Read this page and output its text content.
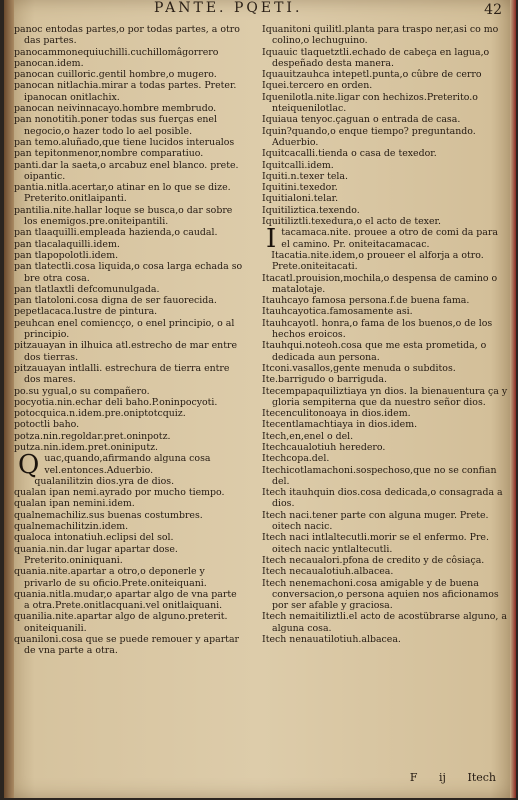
PANTE. PQETI.	42
panoc entodas partes,o por todas partes, a otro das partes.
panocammonequiuchilli.cuchillomâgorrero
panocan.idem.
panocan cuilloric.gentil hombre,o mugero.
panocan nitlachia.mirar a todas partes. Preter. ipanocan onitlachix.
panocan neivinnacayo.hombre membrudo.
pan nonotitih.poner todas sus fuerças enel negocio,o hazer todo lo ael posible.
pan temo.aluñado,que tiene lucidos interualos
pan tepitonmenor,nombre comparatiuo.
panti.dar la saeta,o arcabuz enel blanco. prete. oipantic.
pantia.nitla.acertar,o atinar en lo que se dize. Preterito.onitlaipanti.
pantilia.nite.hallar loque se busca,o dar sobre los enemigos.pre.oniteipantili.
pan tlaaquilli.empleada hazienda,o caudal.
pan tlacalaquilli.idem.
pan tlapopolotli.idem.
pan tlatectli.cosa liquida,o cosa larga echada so bre otra cosa.
pan tlatlaxtli defcomunulgada.
pan tlatoloni.cosa digna de ser fauorecida.
pepetlacaca.lustre de pintura.
peuhcan enel comiencço, o enel principio, o al principio.
pitzauayan in ilhuica atl.estrecho de mar entre dos tierras.
pitzauayan intlalli. estrechura de tierra entre dos mares.
po.su ygual,o su compañero.
pocyotia.nin.echar deli baho.P.oninpocyoti.
potocquica.n.idem.pre.oniptotcquiz.
potoctli baho.
potza.nin.regoldar.pret.oninpotz.
putza.nin.idem.pret.oniniputz.
Quac,quando,afirmando alguna cosa vel.entonces.Aduerbio.
qualanilitzin dios.yra de dios.
qualan ipan nemi.ayrado por mucho tiempo.
qualan ipan nemini.idem.
qualnemachiliz.sus buenas costumbres.
qualnemachilitzin.idem.
qualoca intonatiuh.eclipsi del sol.
quania.nin.dar lugar apartar dose. Preterito.oniniquani.
quania.nite.apartar a otro,o deponerle y privarlo de su oficio.Prete.oniteiquani.
quania.nitla.mudar,o apartar algo de vna parte a otra.Prete.onitlacquani.vel onitlaiquani.
quanilia.nite.apartar algo de alguno.preterit. oniteiquanili.
quaniloni.cosa que se puede remouer y apartar de vna parte a otra.
Iquanitoni quilitl.planta para traspo ner,asi co mo colino,o lechuguino.
Iquauic tlaquetztli.echado de cabeça en lagua,o despeñado desta manera.
Iquauitzauhca intepetl.punta,o cûbre de cerro
Iquei.tercero en orden.
Iquenilotla.nite.ligar con hechizos.Preterito.o nteiquenilotlac.
Iquiaua tenyoc.çaguan o entrada de casa.
Iquin?quando,o enque tiempo? preguntando. Aduerbio.
Iquitcacalli.tienda o casa de texedor.
Iquitcalli.idem.
Iquiti.n.texer tela.
Iquitini.texedor.
Iquitialoni.telar.
Iquitiliztica.texendo.
Iquitiliztli.texedura,o el acto de texer.
Itacamaca.nite. prouee a otro de comi da para el camino. Pr. oniteitacamacac.
Itacatia.nite.idem,o proueer el alforja a otro. Prete.oniteitacati.
Itacatl.prouision,mochila,o despensa de camino o matalotaje.
Itauhcayo famosa persona.f.de buena fama.
Itauhcayotica.famosamente asi.
Itauhcayotl. honra,o fama de los buenos,o de los hechos eroicos.
Itauhqui.noteoh.cosa que me esta prometida, o dedicada aun persona.
Itconi.vasallos,gente menuda o subditos.
Ite.barrigudo o barriguda.
Itecempapaquiliztiaya yn dios. la bienauentura ça y gloria sempiterna que da nuestro señor dios.
Itecenculitonoaya in dios.idem.
Itecentlamachtiaya in dios.idem.
Itech,en,enel o del.
Itechcaualotiuh heredero.
Itechcopa.del.
Itechicotlamachoni.sospechoso,que no se confian del.
Itech itauhquin dios.cosa dedicada,o consagrada a dios.
Itech naci.tener parte con alguna muger. Prete. oitech nacic.
Itech naci intlaltecutli.morir se el enfermo. Pre. oitech nacic yntlaltecutli.
Itech necaualori.pfona de credito y de côsiaça.
Itech necaualotiuh.albacea.
Itech nenemachoni.cosa amigable y de buena conversacion,o persona aquien nos aficionamos por ser afable y graciosa.
Itech nemaitiliztli.el acto de acostübrarse alguno, a alguna cosa.
Itech nenauatilotiuh.albacea.
F ij Itech
